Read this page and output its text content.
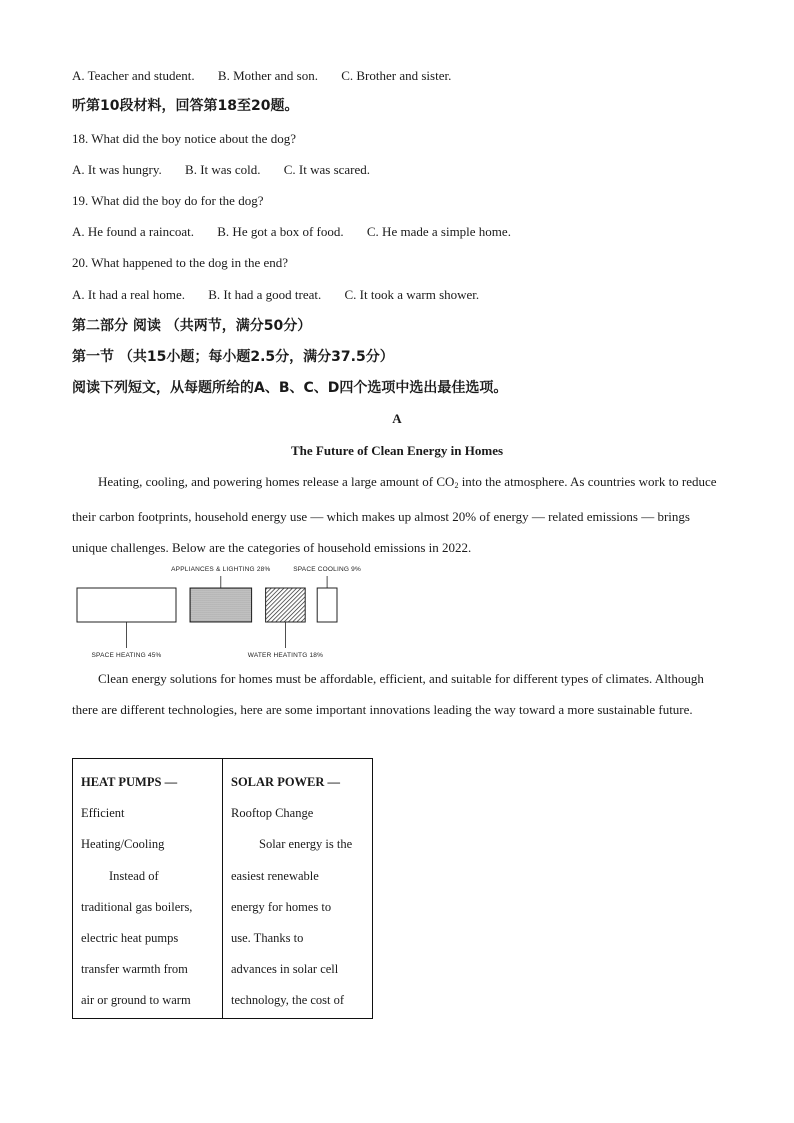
A. Teacher and student. B. Mother and son. C. Brother and sister.
听第10段材料，回答第18至20题。
18. What did the boy notice about the dog?
A. It was hungry. B. It was cold. C. It was scared.
19. What did the boy do for the dog?
A. He found a raincoat. B. He got a box of food. C. He made a simple home.
20. What happened to the dog in the end?
A. It had a real home. B. It had a good treat. C. It took a warm shower.
第二部分 阅读 （共两节，满分50分）
第一节 （共15小题；每小题2.5分，满分37.5分）
阅读下列短文，从每题所给的A、B、C、D四个选项中选出最佳选项。
A
The Future of Clean Energy in Homes
Heating, cooling, and powering homes release a large amount of $CO_2$ into the atmosphere. As countries work to reduce their carbon footprints, household energy use — which makes up almost 20% of energy — related emissions — brings unique challenges. Below are the categories of household emissions in 2022.
SPACE HEATING 45%
APPLIANCES & LIGHTING 28%
WATER HEATINTG 18%
SPACE COOLING 9%
Clean energy solutions for homes must be affordable, efficient, and suitable for different types of climates. Although there are different technologies, here are some important innovations leading the way toward a more sustainable future.
HEAT PUMPS —
Efficient
Heating/Cooling
Instead of
traditional gas boilers,
electric heat pumps
transfer warmth from
air or ground to warm

SOLAR POWER —
Rooftop Change
Solar energy is the
easiest renewable
energy for homes to
use. Thanks to
advances in solar cell
technology, the cost of
